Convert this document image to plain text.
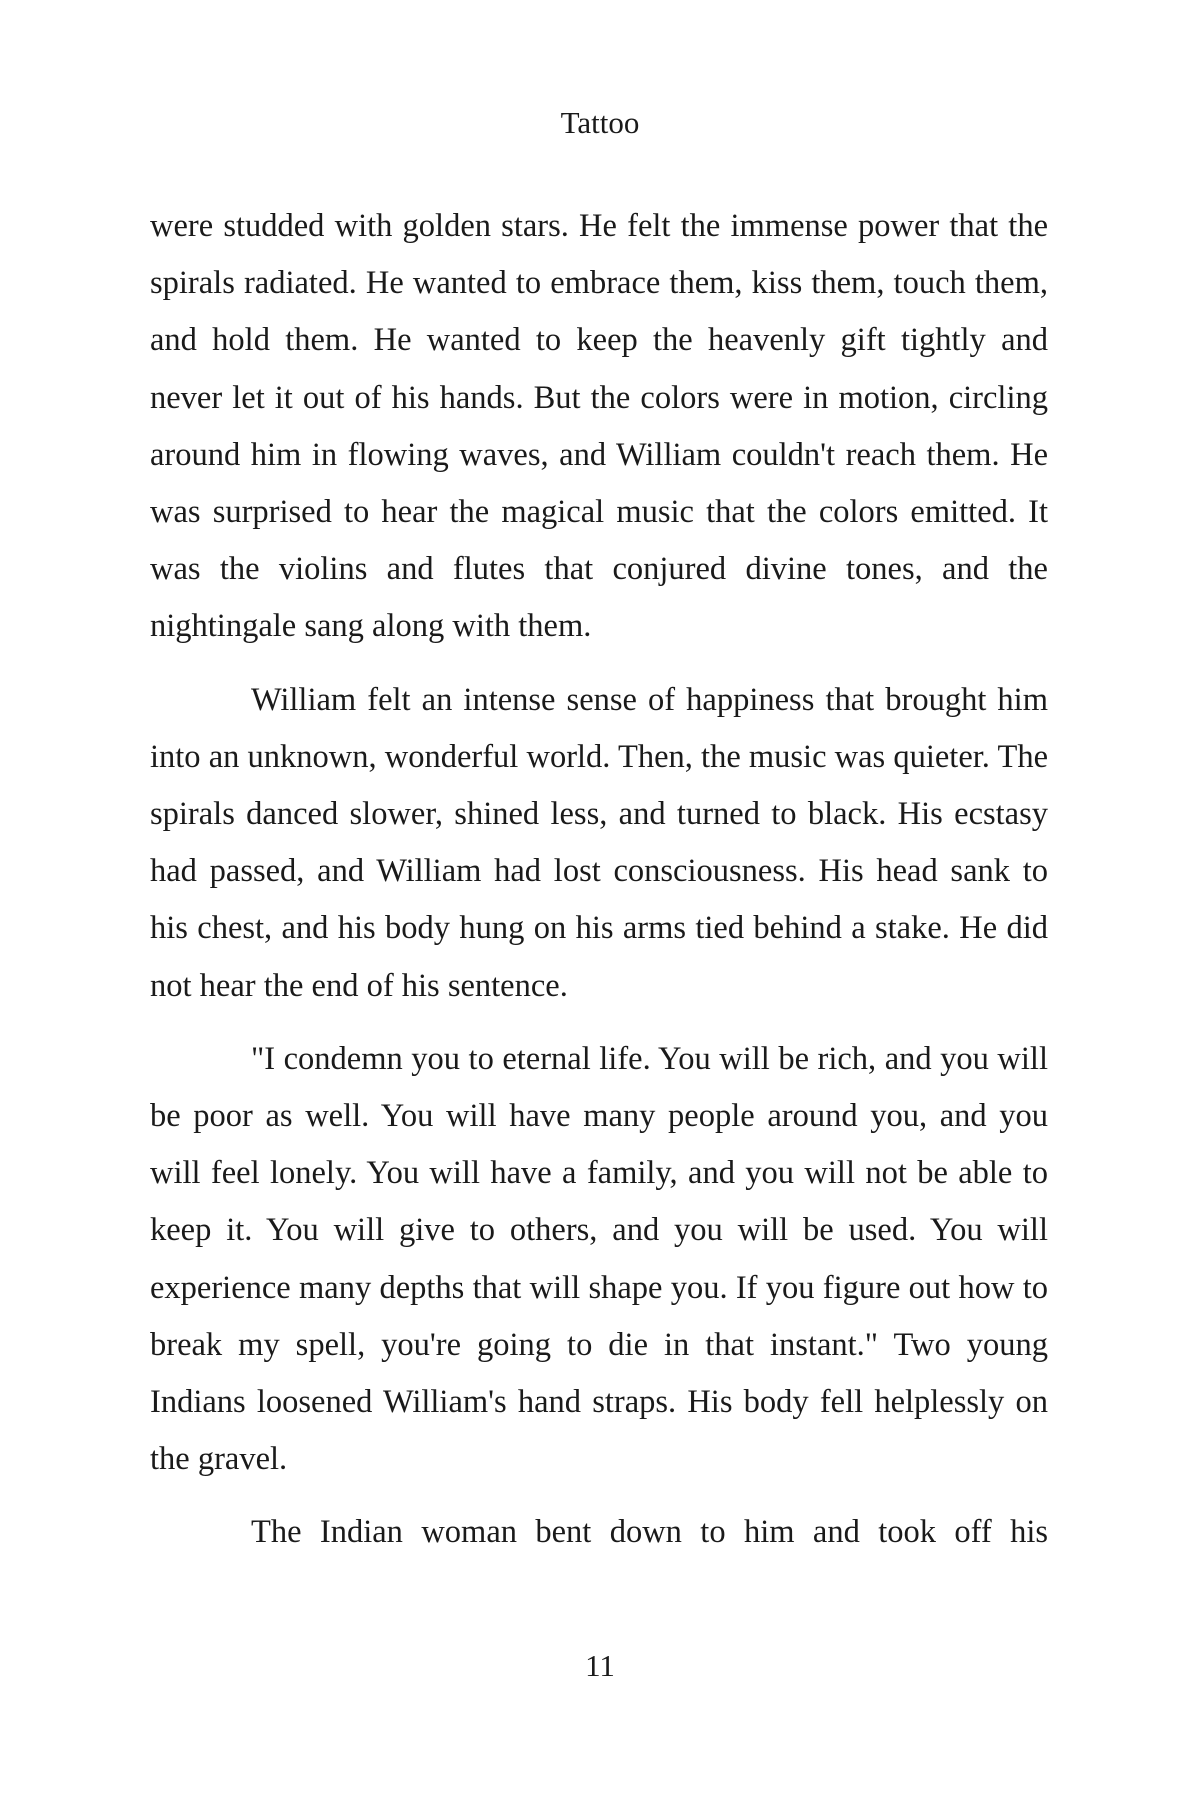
Tattoo

were studded with golden stars. He felt the immense power that the spirals radiated. He wanted to embrace them, kiss them, touch them, and hold them. He wanted to keep the heavenly gift tightly and never let it out of his hands. But the colors were in motion, circling around him in flowing waves, and William couldn't reach them. He was surprised to hear the magical music that the colors emitted. It was the violins and flutes that conjured divine tones, and the nightingale sang along with them.

William felt an intense sense of happiness that brought him into an unknown, wonderful world. Then, the music was quieter. The spirals danced slower, shined less, and turned to black. His ecstasy had passed, and William had lost consciousness. His head sank to his chest, and his body hung on his arms tied behind a stake. He did not hear the end of his sentence.

"I condemn you to eternal life. You will be rich, and you will be poor as well. You will have many people around you, and you will feel lonely. You will have a family, and you will not be able to keep it. You will give to others, and you will be used. You will experience many depths that will shape you. If you figure out how to break my spell, you're going to die in that instant." Two young Indians loosened William's hand straps. His body fell helplessly on the gravel.

The Indian woman bent down to him and took off his

11
